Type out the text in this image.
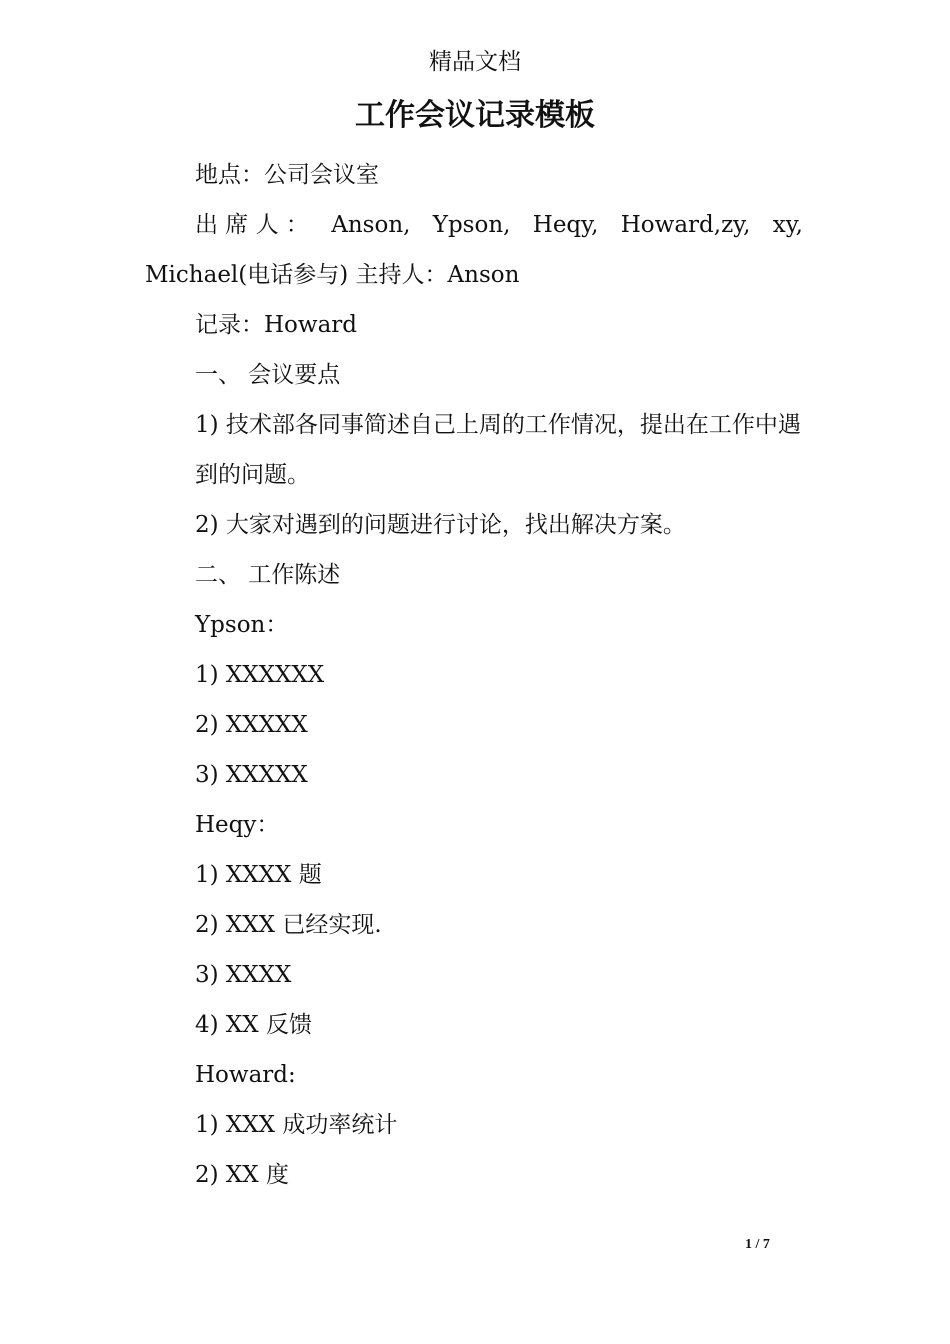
精品文档
工作会议记录模板

地点：公司会议室

出 席 人 ： Anson, Ypson, Heqy, Howard,zy, xy,

Michael(电话参与) 主持人：Anson

记录：Howard

一、 会议要点

1) 技术部各同事简述自己上周的工作情况，提出在工作中遇到的问题。

2) 大家对遇到的问题进行讨论，找出解决方案。

二、 工作陈述

Ypson：

1) XXXXXX

2) XXXXX

3) XXXXX

Heqy：

1) XXXX 题

2) XXX 已经实现.

3) XXXX

4) XX 反馈

Howard:

1) XXX 成功率统计

2) XX 度

1 / 7
